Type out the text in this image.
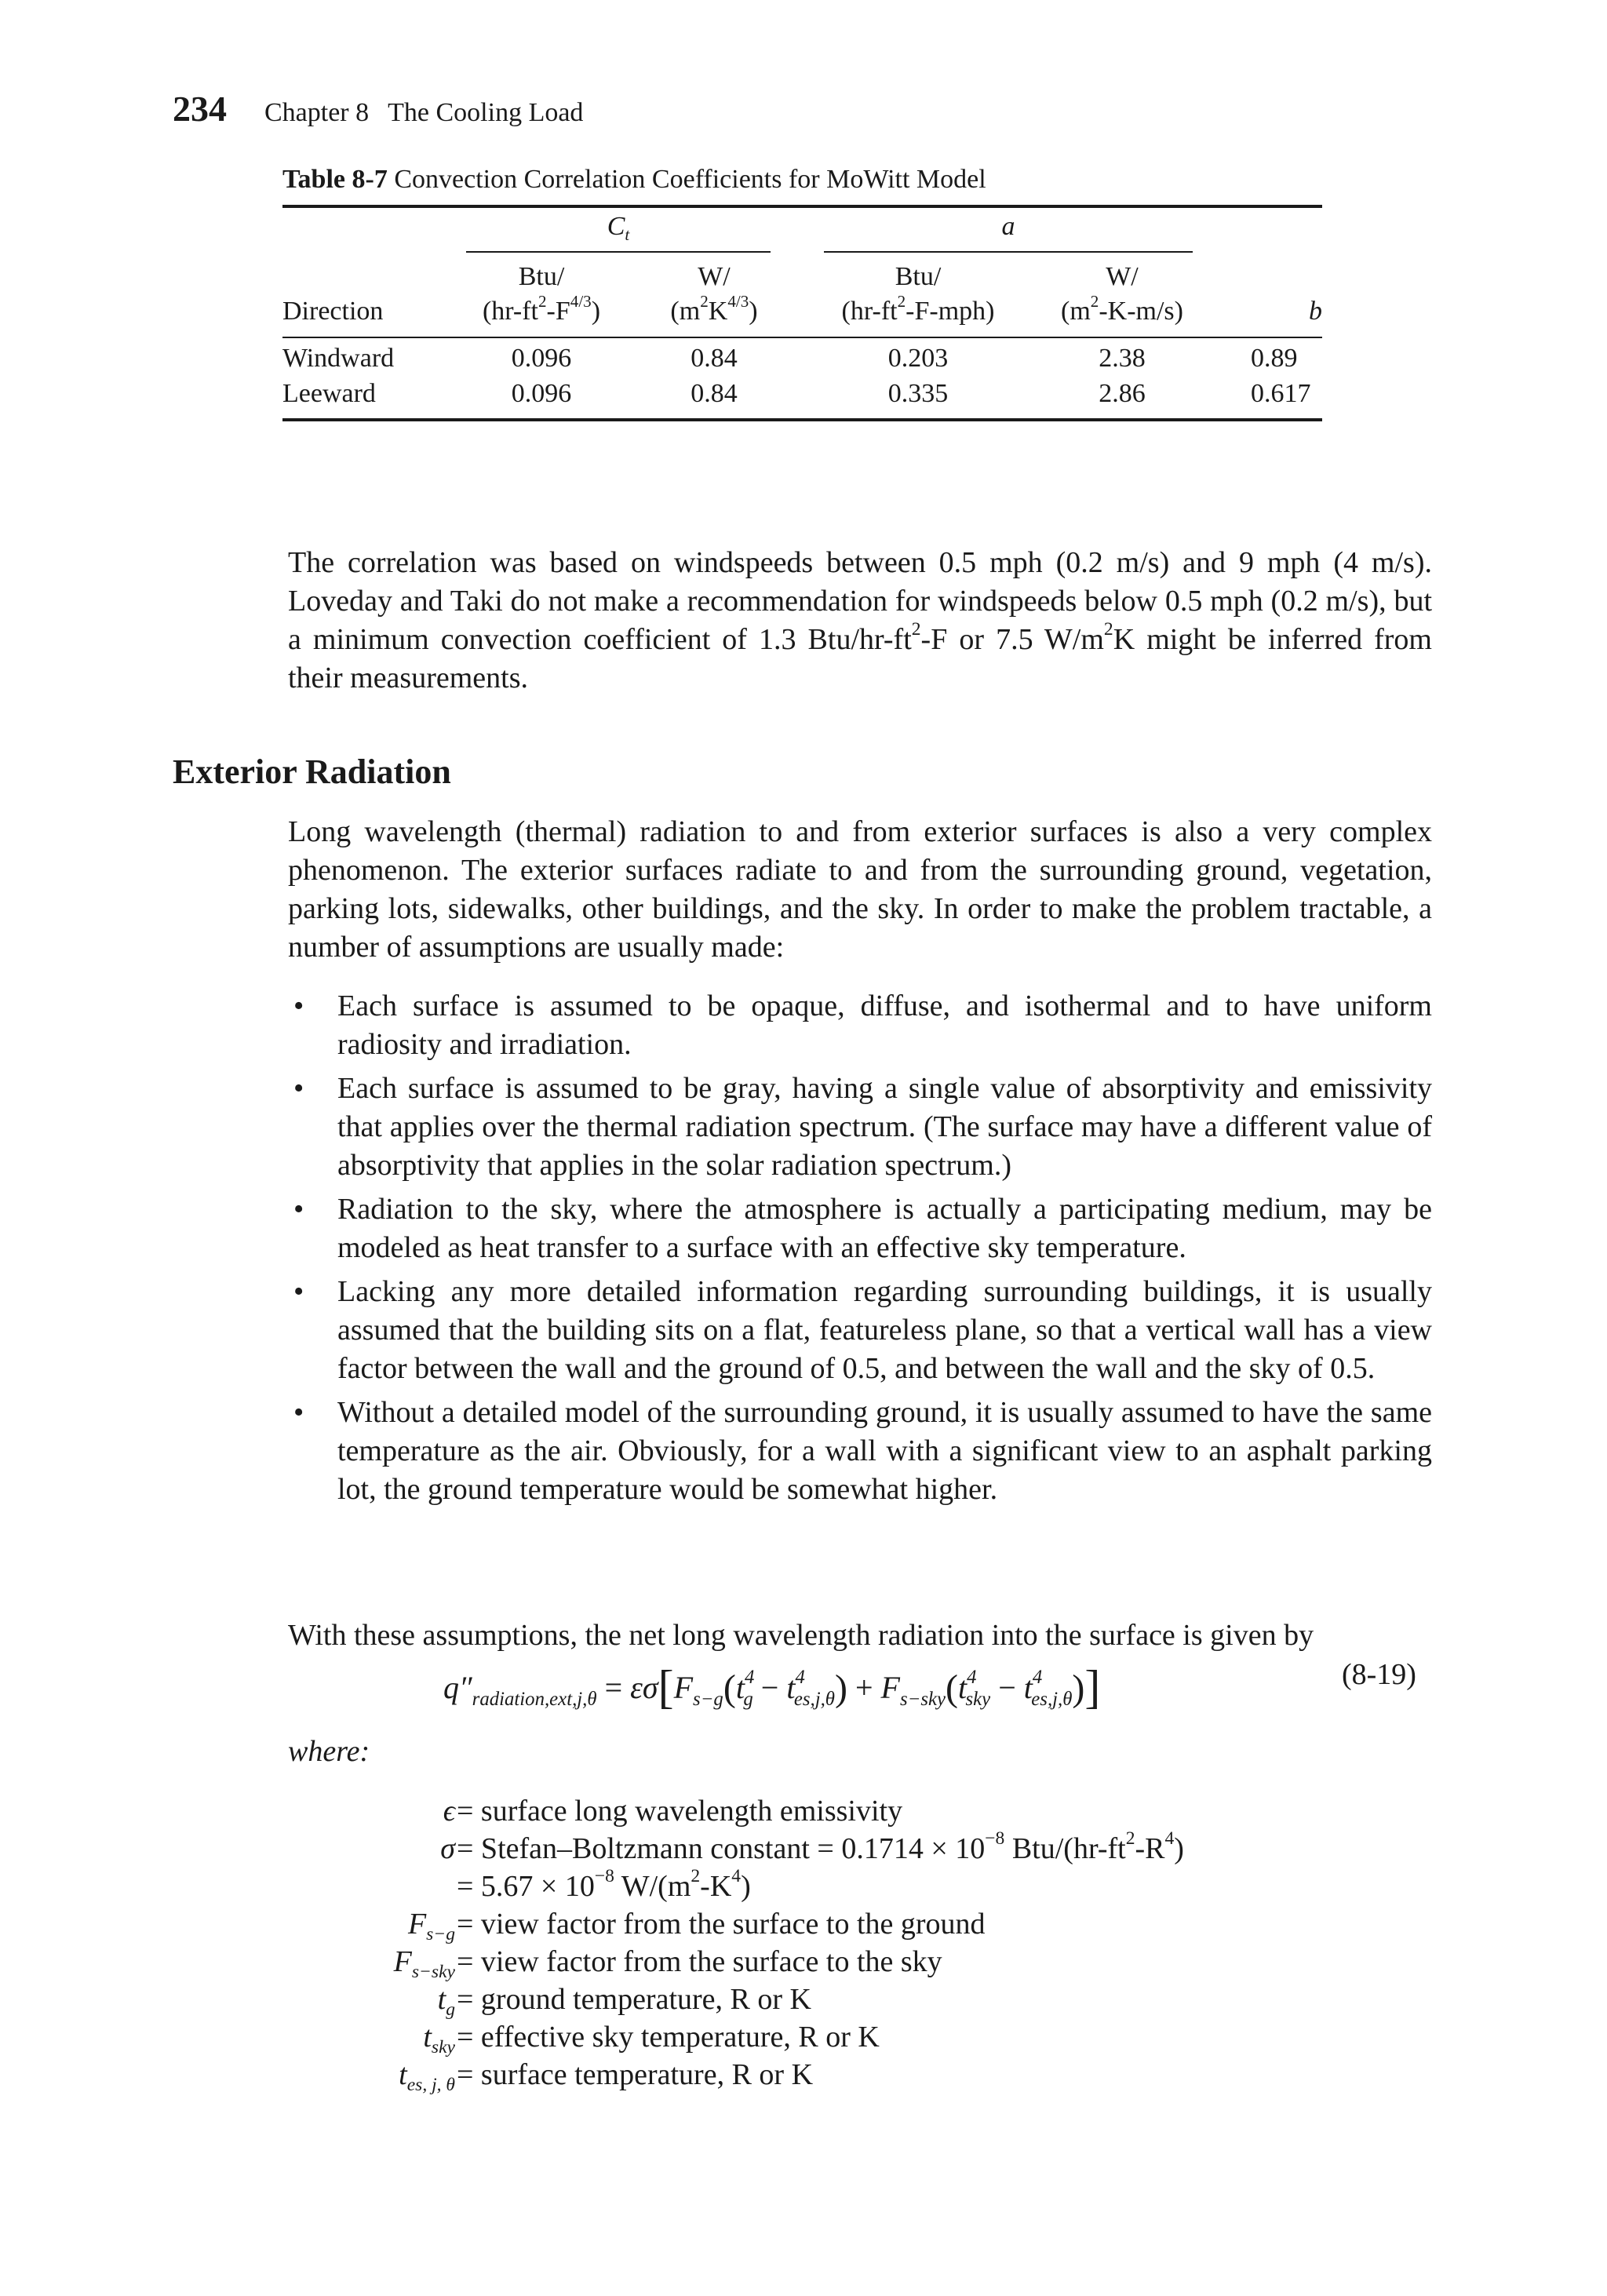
234 Chapter 8 The Cooling Load
Table 8-7 Convection Correlation Coefficients for MoWitt Model
$C_t$	a
Btu/	W/	Btu/	W/
Direction	$(hr-ft^2-F^{4/3})$	$(m^2K^{4/3})$	$(hr-ft^2-F-mph)$	$(m^2-K-m/s)$	b
Windward	0.096	0.84	0.203	2.38	0.89
Leeward	0.096	0.84	0.335	2.86	0.617
The correlation was based on windspeeds between 0.5 mph (0.2 m/s) and 9 mph (4 m/s). Loveday and Taki do not make a recommendation for windspeeds below 0.5 mph (0.2 m/s), but a minimum convection coefficient of 1.3 Btu/$hr-ft^2-F$ or 7.5 $W/m^2K$ might be inferred from their measurements.
Exterior Radiation
Long wavelength (thermal) radiation to and from exterior surfaces is also a very complex phenomenon. The exterior surfaces radiate to and from the surrounding ground, vegetation, parking lots, sidewalks, other buildings, and the sky. In order to make the problem tractable, a number of assumptions are usually made:
• Each surface is assumed to be opaque, diffuse, and isothermal and to have uniform radiosity and irradiation.
• Each surface is assumed to be gray, having a single value of absorptivity and emissivity that applies over the thermal radiation spectrum. (The surface may have a different value of absorptivity that applies in the solar radiation spectrum.)
• Radiation to the sky, where the atmosphere is actually a participating medium, may be modeled as heat transfer to a surface with an effective sky temperature.
• Lacking any more detailed information regarding surrounding buildings, it is usually assumed that the building sits on a flat, featureless plane, so that a vertical wall has a view factor between the wall and the ground of 0.5, and between the wall and the sky of 0.5.
• Without a detailed model of the surrounding ground, it is usually assumed to have the same temperature as the air. Obviously, for a wall with a significant view to an asphalt parking lot, the ground temperature would be somewhat higher.
With these assumptions, the net long wavelength radiation into the surface is given by
$q''_{radiation,ext,j,\theta} = \varepsilon\sigma[F_{s-g}(t^4_g - t^4_{es,j,\theta}) + F_{s-sky}(t^4_{sky} - t^4_{es,j,\theta})]$	(8-19)
where:
ϵ = surface long wavelength emissivity
σ = Stefan–Boltzmann constant = $0.1714 \times 10^{-8}$ Btu/$(hr-ft^2-R^4)$
= $5.67 \times 10^{-8}$ $W/(m^2-K^4)$
$F_{s-g}$ = view factor from the surface to the ground
$F_{s-sky}$ = view factor from the surface to the sky
$t_g$ = ground temperature, R or K
$t_{sky}$ = effective sky temperature, R or K
$t_{es, j, \theta}$ = surface temperature, R or K
